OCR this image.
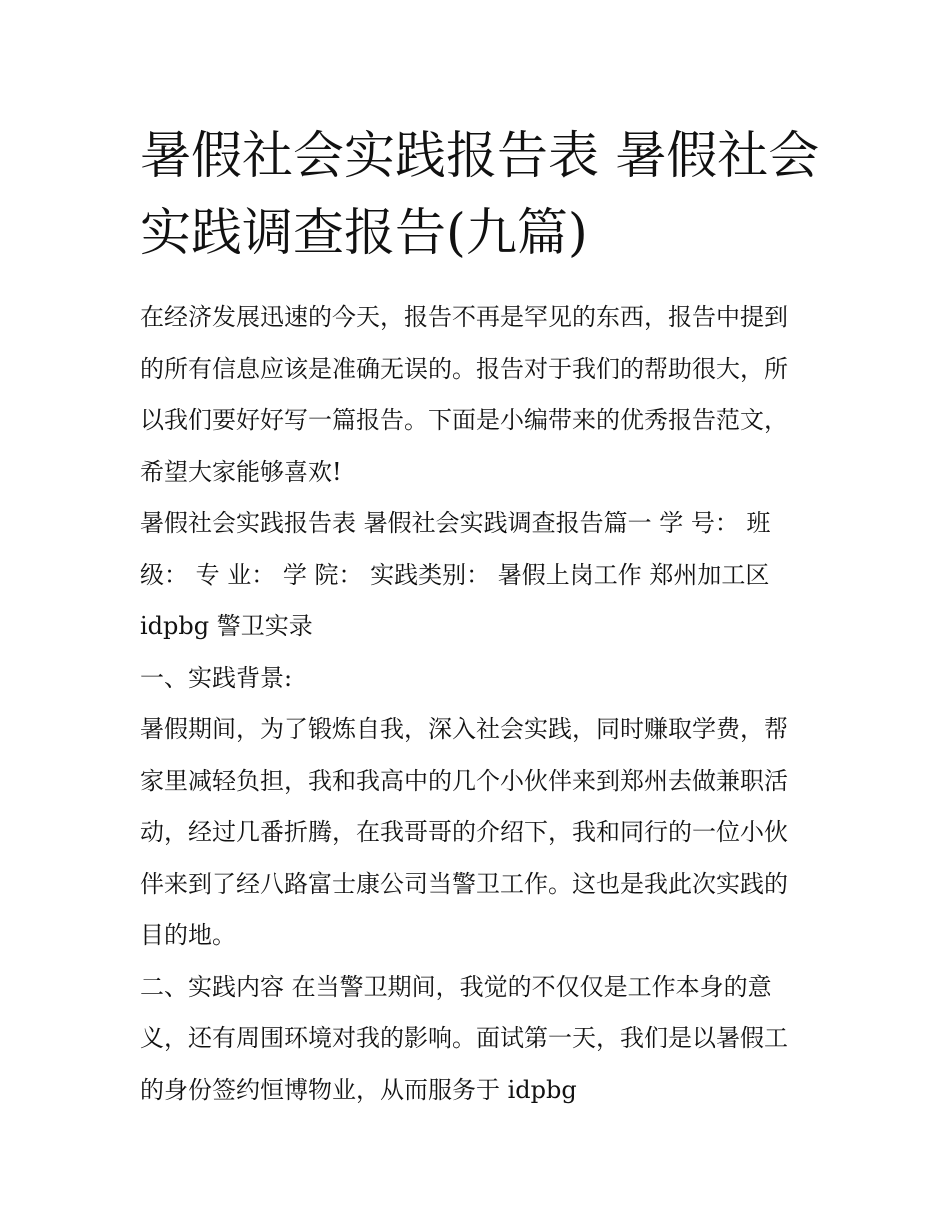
暑假社会实践报告表 暑假社会
实践调查报告(九篇)

在经济发展迅速的今天，报告不再是罕见的东西，报告中提到
的所有信息应该是准确无误的。报告对于我们的帮助很大，所
以我们要好好写一篇报告。下面是小编带来的优秀报告范文，
希望大家能够喜欢!

暑假社会实践报告表 暑假社会实践调查报告篇一 学 号： 班
级： 专 业： 学 院： 实践类别： 暑假上岗工作 郑州加工区
idpbg 警卫实录

一、实践背景:

暑假期间，为了锻炼自我，深入社会实践，同时赚取学费，帮
家里减轻负担，我和我高中的几个小伙伴来到郑州去做兼职活
动，经过几番折腾，在我哥哥的介绍下，我和同行的一位小伙
伴来到了经八路富士康公司当警卫工作。这也是我此次实践的
目的地。

二、实践内容 在当警卫期间，我觉的不仅仅是工作本身的意
义，还有周围环境对我的影响。面试第一天，我们是以暑假工
的身份签约恒博物业，从而服务于 idpbg
